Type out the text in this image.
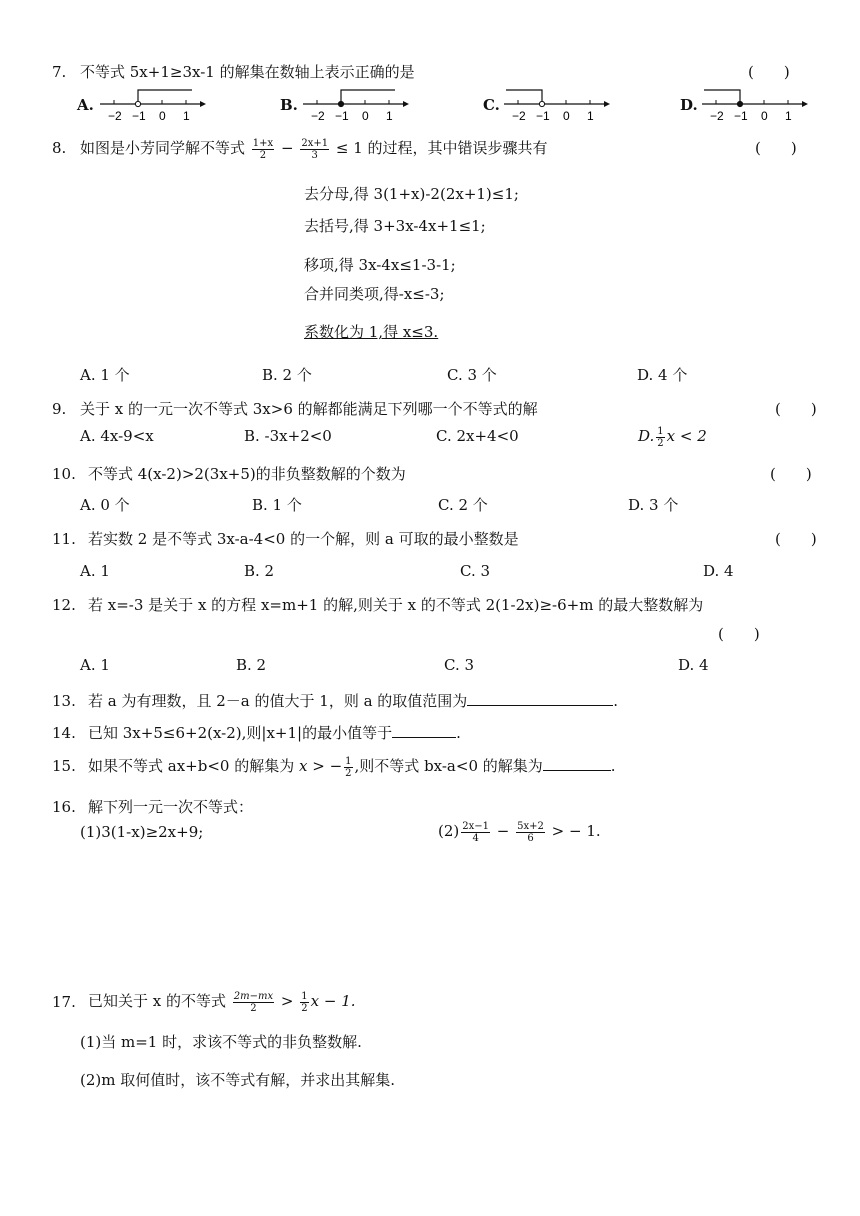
7. 不等式 5x+1≥3x-1 的解集在数轴上表示正确的是	(　　)
A.
−2 −1 0 1
B.
−2 −1 0 1
C.
−2 −1 0 1
D.
−2 −1 0 1
8. 如图是小芳同学解不等式 $\frac{1+x}{2} - \frac{2x+1}{3} \le 1$ 的过程，其中错误步骤共有	(　　)
去分母,得 3(1+x)-2(2x+1)≤1;
去括号,得 3+3x-4x+1≤1;
移项,得 3x-4x≤1-3-1;
合并同类项,得-x≤-3;
系数化为 1,得 x≤3.
A. 1 个	B. 2 个	C. 3 个	D. 4 个
9. 关于 x 的一元一次不等式 3x>6 的解都能满足下列哪一个不等式的解	(　　)
A. 4x-9<x	B. -3x+2<0	C. 2x+4<0	D. $\frac{1}{2}$ x < 2
10. 不等式 4(x-2)>2(3x+5)的非负整数解的个数为	(　　)
A. 0 个	B. 1 个	C. 2 个	D. 3 个
11. 若实数 2 是不等式 3x-a-4<0 的一个解，则 a 可取的最小整数是	(　　)
A. 1	B. 2	C. 3	D. 4
12. 若 x=-3 是关于 x 的方程 x=m+1 的解,则关于 x 的不等式 2(1-2x)≥-6+m 的最大整数解为
(　　)
A. 1	B. 2	C. 3	D. 4
13. 若 a 为有理数，且 2－a 的值大于 1，则 a 的取值范围为	.
14. 已知 3x+5≤6+2(x-2),则|x+1|的最小值等于	.
15. 如果不等式 ax+b<0 的解集为 x > − $\frac{1}{2}$ ,则不等式 bx-a<0 的解集为	.
16. 解下列一元一次不等式：
(1)3(1-x)≥2x+9;	$(2) \frac{2x-1}{4} - \frac{5x+2}{6}$ > − 1.
17. 已知关于 x 的不等式 $\frac{2m-mx}{2} > \frac{1}{2}$ x − 1.
(1)当 m=1 时，求该不等式的非负整数解.
(2)m 取何值时，该不等式有解，并求出其解集.
